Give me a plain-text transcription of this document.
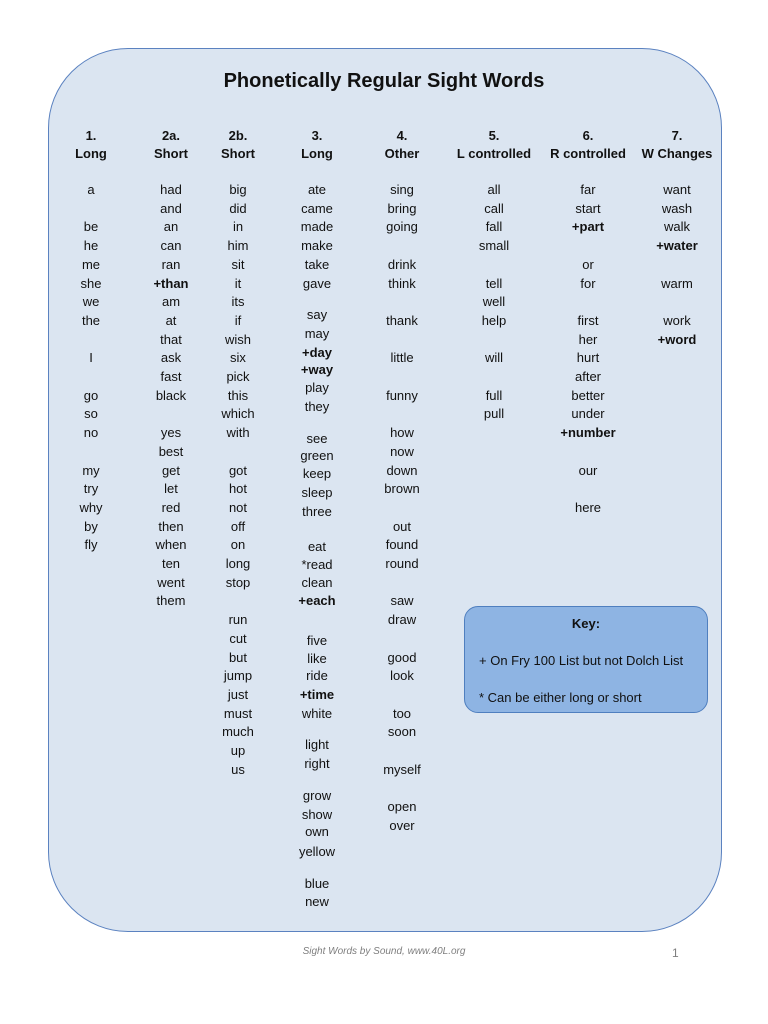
Phonetically Regular Sight Words
1.
Long
a
be
he
me
she
we
the
I
go
so
no
my
try
why
by
fly
2a.
Short
had
and
an
can
ran
+than
am
at
that
ask
fast
black
yes
best
get
let
red
then
when
ten
went
them
2b.
Short
big
did
in
him
sit
it
its
if
wish
six
pick
this
which
with
got
hot
not
off
on
long
stop
run
cut
but
jump
just
must
much
up
us
3.
Long
ate
came
made
make
take
gave
say
may
+day
+way
play
they
see
green
keep
sleep
three
eat
*read
clean
+each
five
like
ride
+time
white
light
right
grow
show
own
yellow
blue
new
4.
Other
sing
bring
going
drink
think
thank
little
funny
how
now
down
brown
out
found
round
saw
draw
good
look
too
soon
myself
open
over
5.
L controlled
all
call
fall
small
tell
well
help
will
full
pull
6.
R controlled
far
start
+part
or
for
first
her
hurt
after
better
under
+number
our
here
7.
W Changes
want
wash
walk
+water
warm
work
+word
Key:
+ On Fry 100 List but not Dolch List
* Can be either long or short
Sight Words by Sound, www.40L.org	1
